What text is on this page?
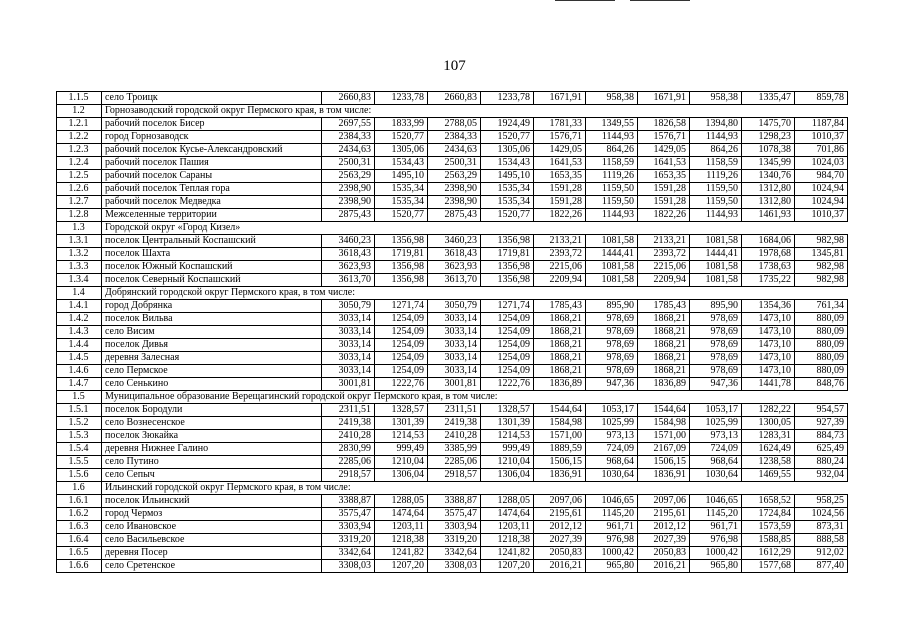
107
1.1.5	село Троицк	2660,83	1233,78	2660,83	1233,78	1671,91	958,38	1671,91	958,38	1335,47	859,78
1.2	Горнозаводский городской округ Пермского края, в том числе:										
1.2.1	рабочий поселок Бисер	2697,55	1833,99	2788,05	1924,49	1781,33	1349,55	1826,58	1394,80	1475,70	1187,84
1.2.2	город Горнозаводск	2384,33	1520,77	2384,33	1520,77	1576,71	1144,93	1576,71	1144,93	1298,23	1010,37
1.2.3	рабочий поселок Кусье-Александровский	2434,63	1305,06	2434,63	1305,06	1429,05	864,26	1429,05	864,26	1078,38	701,86
1.2.4	рабочий поселок Пашия	2500,31	1534,43	2500,31	1534,43	1641,53	1158,59	1641,53	1158,59	1345,99	1024,03
1.2.5	рабочий поселок Сараны	2563,29	1495,10	2563,29	1495,10	1653,35	1119,26	1653,35	1119,26	1340,76	984,70
1.2.6	рабочий поселок Теплая гора	2398,90	1535,34	2398,90	1535,34	1591,28	1159,50	1591,28	1159,50	1312,80	1024,94
1.2.7	рабочий поселок Медведка	2398,90	1535,34	2398,90	1535,34	1591,28	1159,50	1591,28	1159,50	1312,80	1024,94
1.2.8	Межселенные территории	2875,43	1520,77	2875,43	1520,77	1822,26	1144,93	1822,26	1144,93	1461,93	1010,37
1.3	Городской округ «Город Кизел»										
1.3.1	поселок Центральный Коспашский	3460,23	1356,98	3460,23	1356,98	2133,21	1081,58	2133,21	1081,58	1684,06	982,98
1.3.2	поселок Шахта	3618,43	1719,81	3618,43	1719,81	2393,72	1444,41	2393,72	1444,41	1978,68	1345,81
1.3.3	поселок Южный Коспашский	3623,93	1356,98	3623,93	1356,98	2215,06	1081,58	2215,06	1081,58	1738,63	982,98
1.3.4	поселок Северный Коспашский	3613,70	1356,98	3613,70	1356,98	2209,94	1081,58	2209,94	1081,58	1735,22	982,98
1.4	Добрянский городской округ Пермского края, в том числе:										
1.4.1	город Добрянка	3050,79	1271,74	3050,79	1271,74	1785,43	895,90	1785,43	895,90	1354,36	761,34
1.4.2	поселок Вильва	3033,14	1254,09	3033,14	1254,09	1868,21	978,69	1868,21	978,69	1473,10	880,09
1.4.3	село Висим	3033,14	1254,09	3033,14	1254,09	1868,21	978,69	1868,21	978,69	1473,10	880,09
1.4.4	поселок Дивья	3033,14	1254,09	3033,14	1254,09	1868,21	978,69	1868,21	978,69	1473,10	880,09
1.4.5	деревня Залесная	3033,14	1254,09	3033,14	1254,09	1868,21	978,69	1868,21	978,69	1473,10	880,09
1.4.6	село Пермское	3033,14	1254,09	3033,14	1254,09	1868,21	978,69	1868,21	978,69	1473,10	880,09
1.4.7	село Сенькино	3001,81	1222,76	3001,81	1222,76	1836,89	947,36	1836,89	947,36	1441,78	848,76
1.5	Муниципальное образование Верещагинский городской округ Пермского края, в том числе:										
1.5.1	поселок Бородули	2311,51	1328,57	2311,51	1328,57	1544,64	1053,17	1544,64	1053,17	1282,22	954,57
1.5.2	село Вознесенское	2419,38	1301,39	2419,38	1301,39	1584,98	1025,99	1584,98	1025,99	1300,05	927,39
1.5.3	поселок Зюкайка	2410,28	1214,53	2410,28	1214,53	1571,00	973,13	1571,00	973,13	1283,31	884,73
1.5.4	деревня Нижнее Галино	2830,99	999,49	3385,99	999,49	1889,59	724,09	2167,09	724,09	1624,49	625,49
1.5.5	село Путино	2285,06	1210,04	2285,06	1210,04	1506,15	968,64	1506,15	968,64	1238,58	880,24
1.5.6	село Сепыч	2918,57	1306,04	2918,57	1306,04	1836,91	1030,64	1836,91	1030,64	1469,55	932,04
1.6	Ильинский городской округ Пермского края, в том числе:										
1.6.1	поселок Ильинский	3388,87	1288,05	3388,87	1288,05	2097,06	1046,65	2097,06	1046,65	1658,52	958,25
1.6.2	город Чермоз	3575,47	1474,64	3575,47	1474,64	2195,61	1145,20	2195,61	1145,20	1724,84	1024,56
1.6.3	село Ивановское	3303,94	1203,11	3303,94	1203,11	2012,12	961,71	2012,12	961,71	1573,59	873,31
1.6.4	село Васильевское	3319,20	1218,38	3319,20	1218,38	2027,39	976,98	2027,39	976,98	1588,85	888,58
1.6.5	деревня Посер	3342,64	1241,82	3342,64	1241,82	2050,83	1000,42	2050,83	1000,42	1612,29	912,02
1.6.6	село Сретенское	3308,03	1207,20	3308,03	1207,20	2016,21	965,80	2016,21	965,80	1577,68	877,40
